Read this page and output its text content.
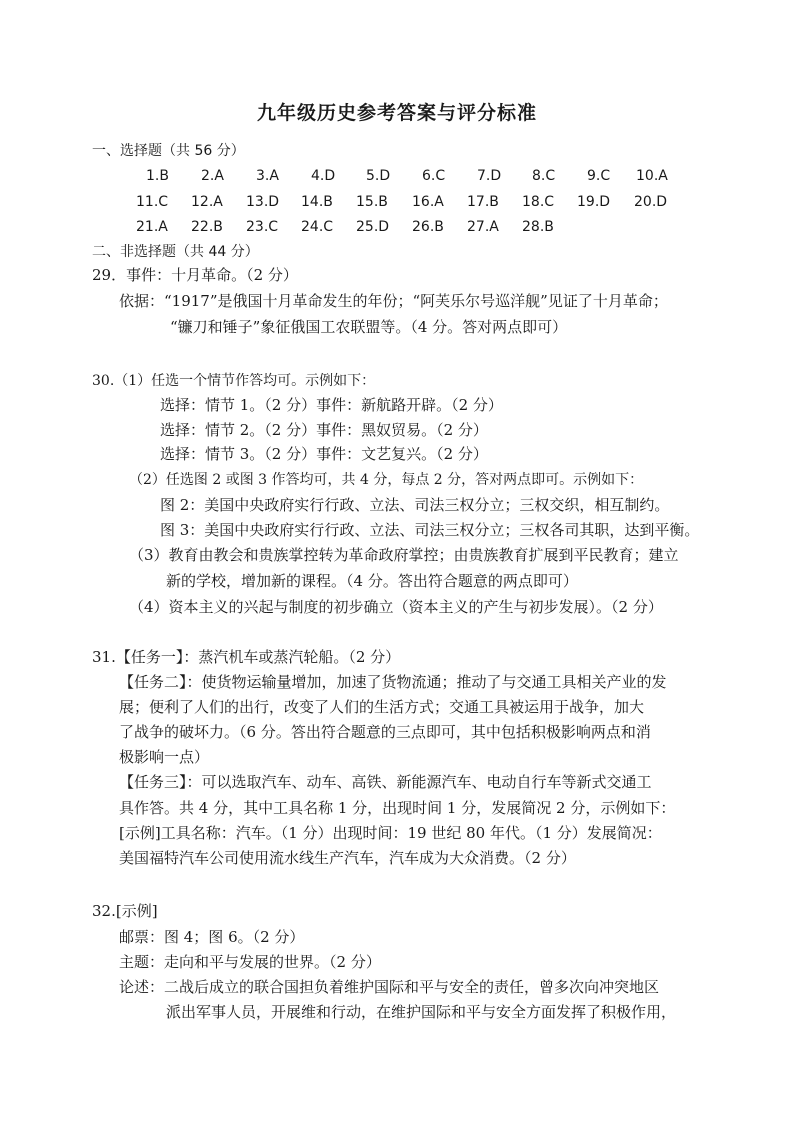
九年级历史参考答案与评分标准
一、选择题（共 56 分）
1.B 2.A 3.A 4.D 5.D 6.C 7.D 8.C 9.C 10.A
11.C 12.A 13.D 14.B 15.B 16.A 17.B 18.C 19.D 20.D
21.A 22.B 23.C 24.C 25.D 26.B 27.A 28.B
二、非选择题（共 44 分）
29．事件：十月革命。（2 分）
依据：“1917”是俄国十月革命发生的年份；“阿芙乐尔号巡洋舰”见证了十月革命；
“镰刀和锤子”象征俄国工农联盟等。（4 分。答对两点即可）
30.（1）任选一个情节作答均可。示例如下：
选择：情节 1。（2 分）事件：新航路开辟。（2 分）
选择：情节 2。（2 分）事件：黑奴贸易。（2 分）
选择：情节 3。（2 分）事件：文艺复兴。（2 分）
（2）任选图 2 或图 3 作答均可，共 4 分，每点 2 分，答对两点即可。示例如下：
图 2：美国中央政府实行行政、立法、司法三权分立；三权交织，相互制约。
图 3：美国中央政府实行行政、立法、司法三权分立；三权各司其职，达到平衡。
（3）教育由教会和贵族掌控转为革命政府掌控；由贵族教育扩展到平民教育；建立
新的学校，增加新的课程。（4 分。答出符合题意的两点即可）
（4）资本主义的兴起与制度的初步确立（资本主义的产生与初步发展）。（2 分）
31.【任务一】：蒸汽机车或蒸汽轮船。（2 分）
【任务二】：使货物运输量增加，加速了货物流通；推动了与交通工具相关产业的发
展；便利了人们的出行，改变了人们的生活方式；交通工具被运用于战争，加大
了战争的破坏力。（6 分。答出符合题意的三点即可，其中包括积极影响两点和消
极影响一点）
【任务三】：可以选取汽车、动车、高铁、新能源汽车、电动自行车等新式交通工
具作答。共 4 分，其中工具名称 1 分，出现时间 1 分，发展简况 2 分，示例如下：
[示例]工具名称：汽车。（1 分）出现时间：19 世纪 80 年代。（1 分）发展简况：
美国福特汽车公司使用流水线生产汽车，汽车成为大众消费。（2 分）
32.[示例]
邮票：图 4；图 6。（2 分）
主题：走向和平与发展的世界。（2 分）
论述：二战后成立的联合国担负着维护国际和平与安全的责任，曾多次向冲突地区
派出军事人员，开展维和行动，在维护国际和平与安全方面发挥了积极作用，
